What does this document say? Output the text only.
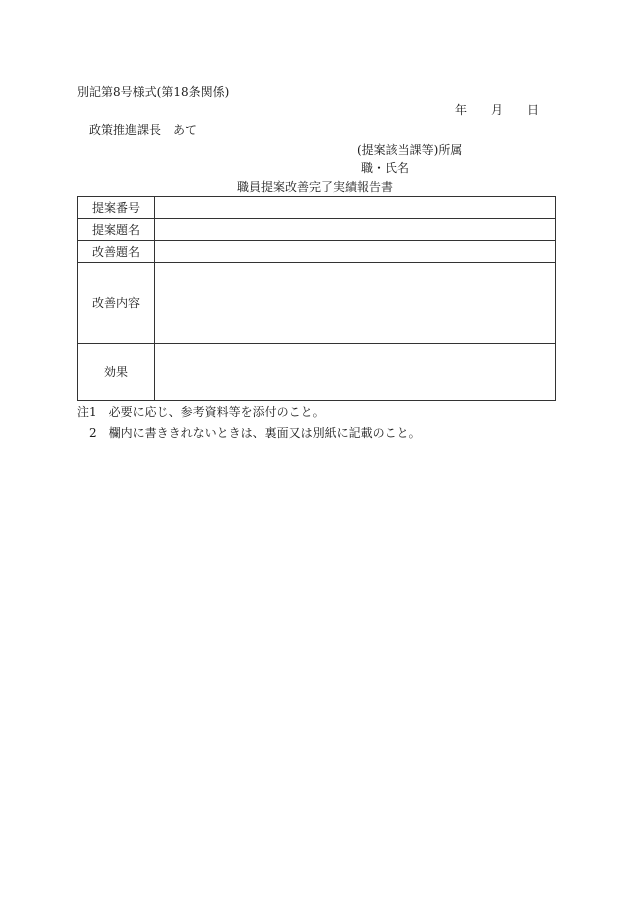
別記第8号様式(第18条関係)
年 月 日
政策推進課長　あて
(提案該当課等)所属
職・氏名
職員提案改善完了実績報告書
提案番号	
提案題名	
改善題名	
改善内容	
効果	
注1　必要に応じ、参考資料等を添付のこと。
2　欄内に書ききれないときは、裏面又は別紙に記載のこと。
